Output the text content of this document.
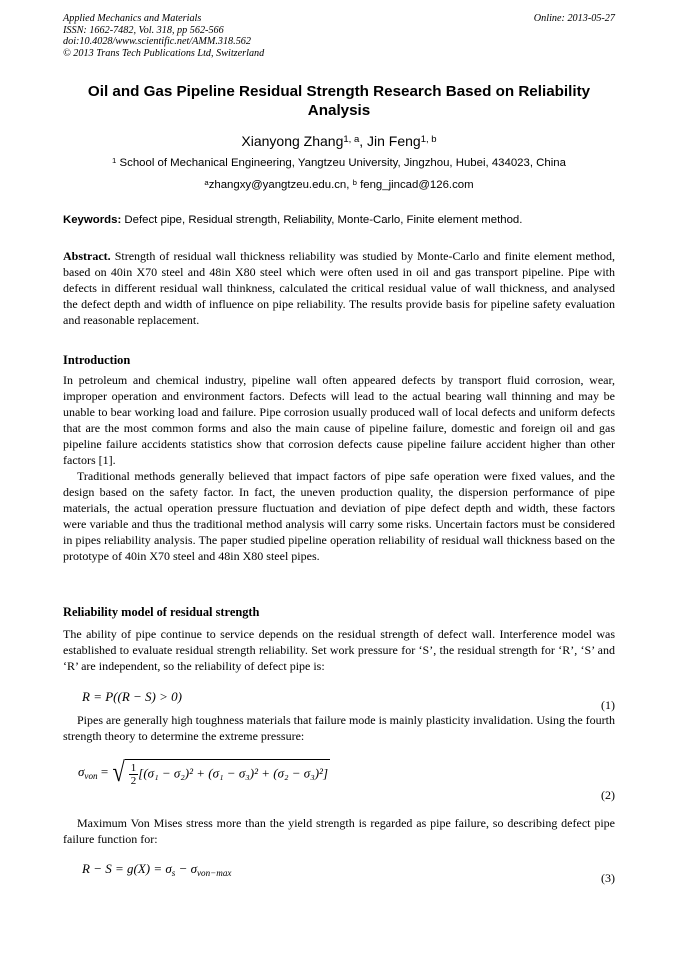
Applied Mechanics and Materials
ISSN: 1662-7482, Vol. 318, pp 562-566
doi:10.4028/www.scientific.net/AMM.318.562
© 2013 Trans Tech Publications Ltd, Switzerland
Online: 2013-05-27
Oil and Gas Pipeline Residual Strength Research Based on Reliability Analysis
Xianyong Zhang$^{1, a}$, Jin Feng$^{1, b}$
$^1$ School of Mechanical Engineering, Yangtzeu University, Jingzhou, Hubei, 434023, China
$^a$zhangxy@yangtzeu.edu.cn, $^b$ feng_jincad@126.com
Keywords: Defect pipe, Residual strength, Reliability, Monte-Carlo, Finite element method.
Abstract. Strength of residual wall thickness reliability was studied by Monte-Carlo and finite element method, based on 40in X70 steel and 48in X80 steel which were often used in oil and gas transport pipeline. Pipe with defects in different residual wall thinkness, calculated the critical residual value of wall thickness, and analysed the defect depth and width of influence on pipe reliability. The results provide basis for pipeline safety evaluation and reasonable replacement.
Introduction
In petroleum and chemical industry, pipeline wall often appeared defects by transport fluid corrosion, wear, improper operation and environment factors. Defects will lead to the actual bearing wall thinning and may be unable to bear working load and failure. Pipe corrosion usually produced wall of local defects and uniform defects that are the most common forms and also the main cause of pipeline failure, domestic and foreign oil and gas pipeline failure accidents statistics show that corrosion defects cause pipeline failure accident higher than other factors [1].
Traditional methods generally believed that impact factors of pipe safe operation were fixed values, and the design based on the safety factor. In fact, the uneven production quality, the dispersion performance of pipe materials, the actual operation pressure fluctuation and deviation of pipe defect depth and width, these factors were variable and thus the traditional method analysis will carry some risks. Uncertain factors must be considered in pipes reliability analysis. The paper studied pipeline operation reliability of residual wall thickness based on the prototype of 40in X70 steel and 48in X80 steel pipes.
Reliability model of residual strength
The ability of pipe continue to service depends on the residual strength of defect wall. Interference model was established to evaluate residual strength reliability. Set work pressure for ‘S’, the residual strength for ‘R’, ‘S’ and ‘R’ are independent, so the reliability of defect pipe is:
R = P((R − S) > 0)
(1)
Pipes are generally high toughness materials that failure mode is mainly plasticity invalidation. Using the fourth strength theory to determine the extreme pressure:
$\sigma_{von}$ = √ $\frac{1}{2} [(\sigma_1 - \sigma_2)^2 + (\sigma_1 - \sigma_3)^2 + (\sigma_2 - \sigma_3)^2]$
(2)
Maximum Von Mises stress more than the yield strength is regarded as pipe failure, so describing defect pipe failure function for:
$R - S = g(X) = \sigma_s - \sigma_{von-max}$	(3)
